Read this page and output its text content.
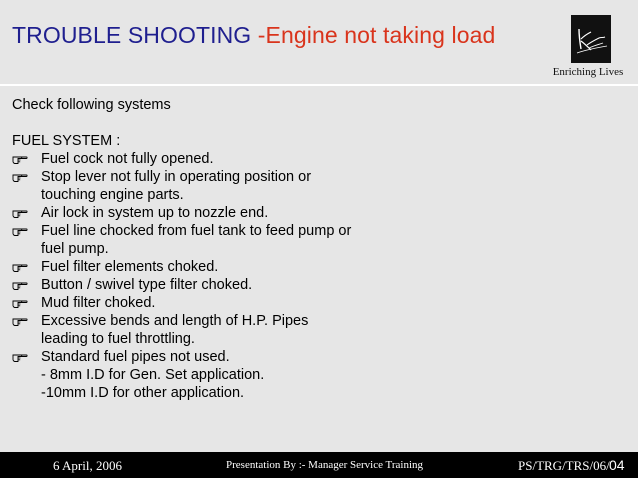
TROUBLE SHOOTING -Engine not taking load
Enriching Lives
Check following systems
FUEL SYSTEM :
Fuel cock not fully opened.
Stop lever not fully in operating position or
touching engine parts.
Air lock in system up to nozzle end.
Fuel line chocked from fuel tank to feed pump or
fuel pump.
Fuel filter elements choked.
Button / swivel type filter choked.
Mud filter choked.
Excessive bends and length of H.P. Pipes
leading to fuel throttling.
Standard fuel pipes not used.
- 8mm I.D for Gen. Set application.
-10mm I.D for other application.
6 April, 2006	Presentation By :- Manager Service Training	PS/TRG/TRS/06/ 04
